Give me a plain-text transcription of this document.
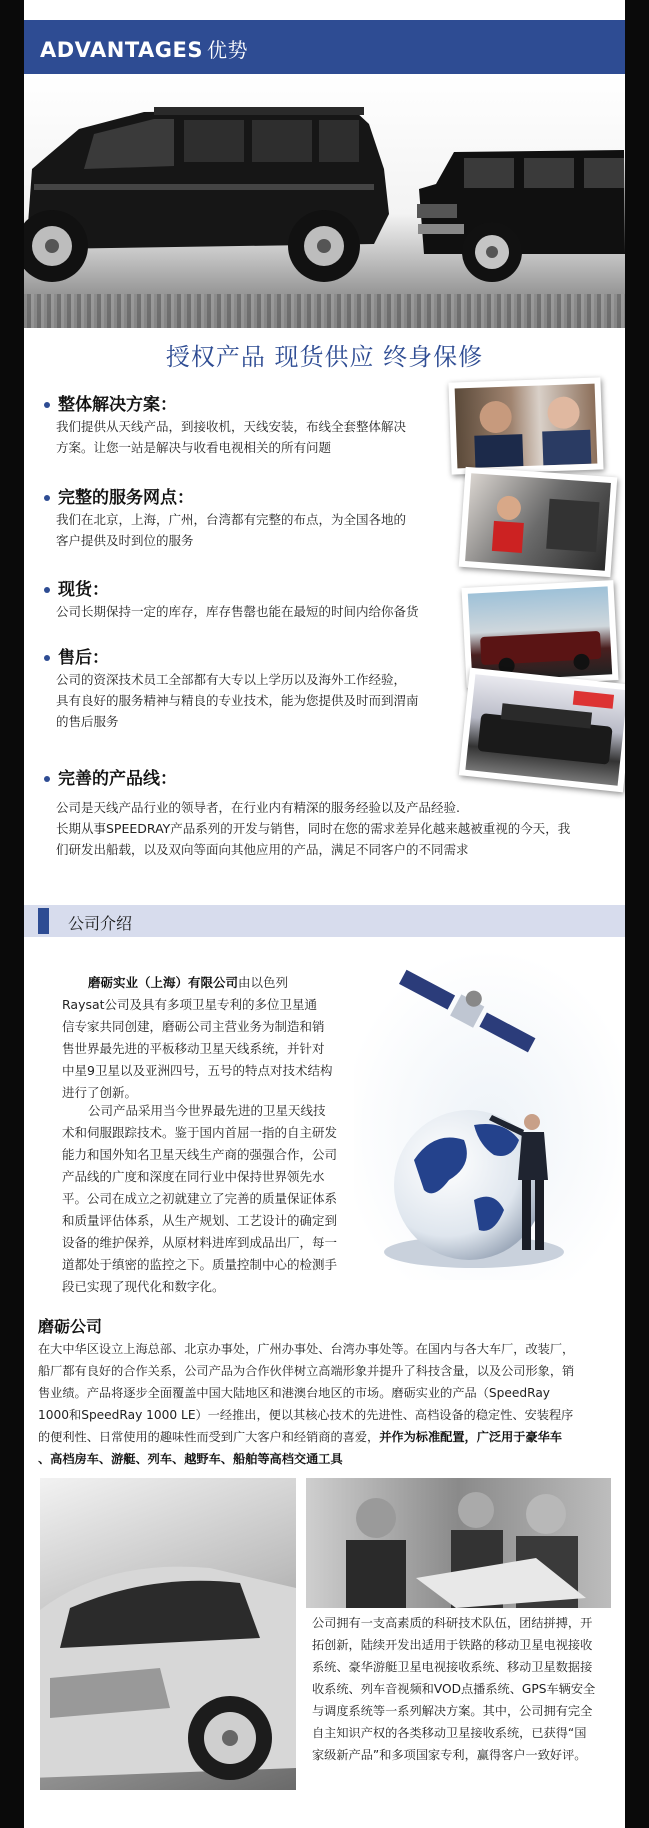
ADVANTAGES 优势
授权产品 现货供应 终身保修
整体解决方案：
我们提供从天线产品，到接收机，天线安装，布线全套整体解决
方案。让您一站是解决与收看电视相关的所有问题
完整的服务网点：
我们在北京，上海，广州，台湾都有完整的布点，为全国各地的
客户提供及时到位的服务
现货：
公司长期保持一定的库存，库存售罄也能在最短的时间内给你备货
售后：
公司的资深技术员工全部都有大专以上学历以及海外工作经验，
具有良好的服务精神与精良的专业技术，能为您提供及时而到渭南
的售后服务
完善的产品线：
公司是天线产品行业的领导者，在行业内有精深的服务经验以及产品经验.
长期从事SPEEDRAY产品系列的开发与销售，同时在您的需求差异化越来越被重视的今天，我
们研发出船载，以及双向等面向其他应用的产品，满足不同客户的不同需求
公司介绍
磨砺实业（上海）有限公司由以色列
Raysat公司及具有多项卫星专利的多位卫星通
信专家共同创建，磨砺公司主营业务为制造和销
售世界最先进的平板移动卫星天线系统，并针对
中星9卫星以及亚洲四号，五号的特点对技术结构
进行了创新。
公司产品采用当今世界最先进的卫星天线技
术和伺服跟踪技术。鉴于国内首屈一指的自主研发
能力和国外知名卫星天线生产商的强强合作，公司
产品线的广度和深度在同行业中保持世界领先水
平。公司在成立之初就建立了完善的质量保证体系
和质量评估体系，从生产规划、工艺设计的确定到
设备的维护保养，从原材料进库到成品出厂，每一
道都处于缜密的监控之下。质量控制中心的检测手
段已实现了现代化和数字化。
磨砺公司
在大中华区设立上海总部、北京办事处，广州办事处、台湾办事处等。在国内与各大车厂，改装厂，
船厂都有良好的合作关系，公司产品为合作伙伴树立高端形象并提升了科技含量，以及公司形象，销
售业绩。产品将逐步全面覆盖中国大陆地区和港澳台地区的市场。磨砺实业的产品（SpeedRay
1000和SpeedRay 1000 LE）一经推出，便以其核心技术的先进性、高档设备的稳定性、安装程序
的便利性、日常使用的趣味性而受到广大客户和经销商的喜爱，并作为标准配置，广泛用于豪华车
、高档房车、游艇、列车、越野车、船舶等高档交通工具
公司拥有一支高素质的科研技术队伍，团结拼搏，开
拓创新，陆续开发出适用于铁路的移动卫星电视接收
系统、豪华游艇卫星电视接收系统、移动卫星数据接
收系统、列车音视频和VOD点播系统、GPS车辆安全
与调度系统等一系列解决方案。其中，公司拥有完全
自主知识产权的各类移动卫星接收系统，已获得“国
家级新产品”和多项国家专利，赢得客户一致好评。
